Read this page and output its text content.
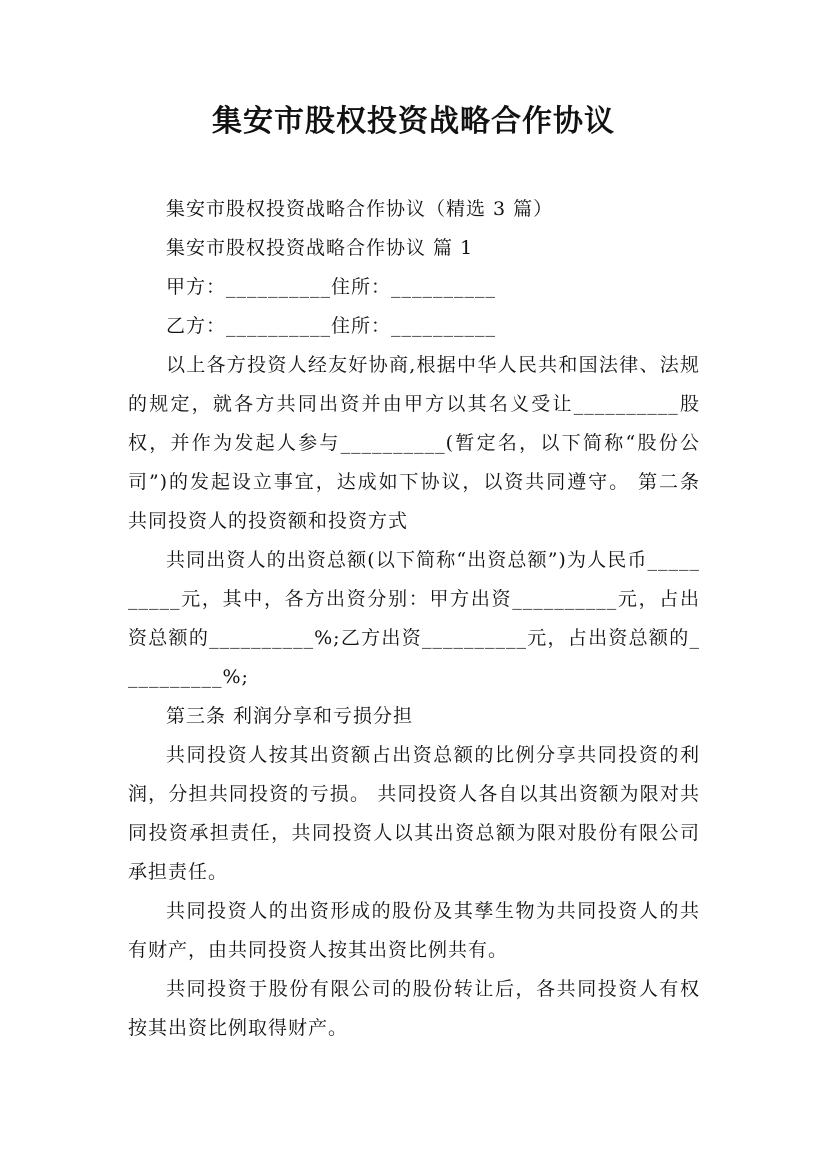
集安市股权投资战略合作协议

集安市股权投资战略合作协议（精选 3 篇）

集安市股权投资战略合作协议 篇 1

甲方：__________住所：__________

乙方：__________住所：__________

以上各方投资人经友好协商,根据中华人民共和国法律、法规的规定，就各方共同出资并由甲方以其名义受让__________股权，并作为发起人参与__________(暂定名，以下简称“股份公司”)的发起设立事宜，达成如下协议，以资共同遵守。 第二条 共同投资人的投资额和投资方式

共同出资人的出资总额(以下简称“出资总额”)为人民币__________元，其中，各方出资分别：甲方出资__________元，占出资总额的__________%;乙方出资__________元，占出资总额的__________%;

第三条 利润分享和亏损分担

共同投资人按其出资额占出资总额的比例分享共同投资的利润，分担共同投资的亏损。 共同投资人各自以其出资额为限对共同投资承担责任，共同投资人以其出资总额为限对股份有限公司承担责任。

共同投资人的出资形成的股份及其孳生物为共同投资人的共有财产，由共同投资人按其出资比例共有。

共同投资于股份有限公司的股份转让后，各共同投资人有权按其出资比例取得财产。
